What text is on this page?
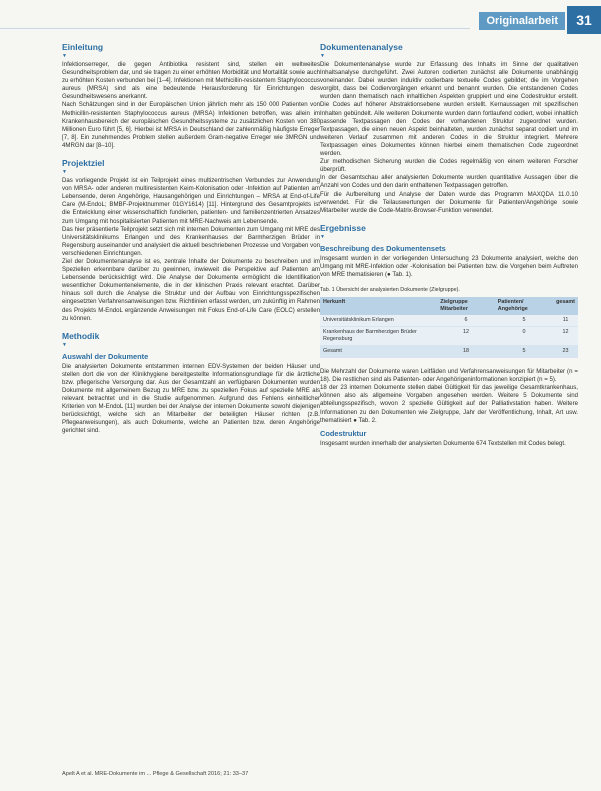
Originalarbeit	31
Einleitung
▼

Infektionserreger, die gegen Antibiotika resistent sind, stellen ein weltweites Gesundheitsproblem dar, und sie tragen zu einer erhöhten Morbidität und Mortalität sowie auch zu erhöhten Kosten verbunden bei [1–4]. Infektionen mit Methicillin-resistentem Staphylococcus aureus (MRSA) sind als eine bedeutende Herausforderung für Einrichtungen des Gesundheitswesens anerkannt.

Nach Schätzungen sind in der Europäischen Union jährlich mehr als 150 000 Patienten von Methicillin-resistenten Staphylococcus aureus (MRSA) Infektionen betroffen, was allein im Krankenhausbereich der europäischen Gesundheitssysteme zu zusätzlichen Kosten von 380 Millionen Euro führt [5, 6]. Hierbei ist MRSA in Deutschland der zahlenmäßig häufigste Erreger [7, 8]. Ein zunehmendes Problem stellen außerdem Gram-negative Erreger wie 3MRGN und 4MRGN dar [8–10].

Projektziel
▼

Das vorliegende Projekt ist ein Teilprojekt eines multizentrischen Verbundes zur Anwendung von MRSA- oder anderen multiresistenten Keim-Kolonisation oder -Infektion auf Patienten am Lebensende, deren Angehörige, Hausangehörigen und Einrichtungen – MRSA at End-of-Life Care (M-EndoL; BMBF-Projektnummer 01GY1614) [11]. Hintergrund des Gesamtprojekts ist die Entwicklung einer wissenschaftlich fundierten, patienten- und familienzentrierten Ansatzes zum Umgang mit hospitalisierten Patienten mit MRE-Nachweis am Lebensende.

Das hier präsentierte Teilprojekt setzt sich mit internen Dokumenten zum Umgang mit MRE des Universitätsklinikums Erlangen und des Krankenhauses der Barmherzigen Brüder in Regensburg auseinander und analysiert die aktuell beschriebenen Prozesse und Vorgaben von verschiedenen Einrichtungen.

Ziel der Dokumentenanalyse ist es, zentrale Inhalte der Dokumente zu beschreiben und im Speziellen erkennbare darüber zu gewinnen, inwieweit die Perspektive auf Patienten am Lebensende berücksichtigt wird. Die Analyse der Dokumente ermöglicht die Identifikation wesentlicher Dokumentenelemente, die in der klinischen Praxis relevant erachtet. Darüber hinaus soll durch die Analyse die Struktur und der Aufbau von Einrichtungsspezifischen eingesetzten Verfahrensanweisungen bzw. Richtlinien erfasst werden, um zukünftig im Rahmen des Projekts M-EndoL ergänzende Anweisungen mit Fokus End-of-Life Care (EOLC) erstellen zu können.

Methodik
▼
Auswahl der Dokumente

Die analysierten Dokumente entstammen internen EDV-Systemen der beiden Häuser und stellen dort die von der Klinikhygiene bereitgestellte Informationsgrundlage für die ärztliche bzw. pflegerische Versorgung dar. Aus der Gesamtzahl an verfügbaren Dokumenten wurden Dokumente mit allgemeinem Bezug zu MRE bzw. zu speziellen Fokus auf spezielle MRE als relevant betrachtet und in die Studie aufgenommen. Aufgrund des Fehlens einheitlicher Kriterien von M-EndoL [11] wurden bei der Analyse der internen Dokumente sowohl diejenigen berücksichtigt, welche sich an Mitarbeiter der beteiligten Häuser richten (z.B. Pflegeanweisungen), als auch Dokumente, welche an Patienten bzw. deren Angehörige gerichtet sind.

Dokumentenanalyse
▼

Die Dokumentenanalyse wurde zur Erfassung des Inhalts im Sinne der qualitativen Inhaltsanalyse durchgeführt. Zwei Autoren codierten zunächst alle Dokumente unabhängig voneinander. Dabei wurden induktiv codierbare textuelle Codes gebildet; die im Vorgehen vorgibt, dass bei Codiervorgängen erkannt und benannt wurden. Die entstandenen Codes wurden dann thematisch nach inhaltlichen Aspekten gruppiert und eine Codestruktur erstellt. Die Codes auf höherer Abstraktionsebene wurden erstellt. Kernaussagen mit spezifischen Inhalten gebündelt. Alle weiteren Dokumente wurden dann fortlaufend codiert, wobei inhaltlich passende Textpassagen den Codes der vorhandenen Struktur zugeordnet wurden. Textpassagen, die einen neuen Aspekt beinhalteten, wurden zunächst separat codiert und im weiteren Verlauf zusammen mit anderen Codes in die Struktur integriert. Mehrere Textpassagen eines Dokumentes können hierbei einem thematischen Code zugeordnet werden.

Zur methodischen Sicherung wurden die Codes regelmäßig von einem weiteren Forscher überprüft.

In der Gesamtschau aller analysierten Dokumente wurden quantitative Aussagen über die Anzahl von Codes und den darin enthaltenen Textpassagen getroffen.

Für die Aufbereitung und Analyse der Daten wurde das Programm MAXQDA 11.0.10 verwendet. Für die Teilauswertungen der Dokumente für Patienten/Angehörige sowie Mitarbeiter wurde die Code-Matrix-Browser-Funktion verwendet.

Ergebnisse
▼
Beschreibung des Dokumentensets

Insgesamt wurden in der vorliegenden Untersuchung 23 Dokumente analysiert, welche den Umgang mit MRE-Infektion oder -Kolonisation bei Patienten bzw. die Vorgehen beim Auftreten von MRE thematisieren (● Tab. 1).

Tab. 1 Übersicht der analysierten Dokumente (Zielgruppe).
Herkunft	Zielgruppe Mitarbeiter	Patienten/ Angehörige	gesamt
Universitätsklinikum Erlangen	6	5	11
Krankenhaus der Barmherzigen Brüder Regensburg	12	0	12
Gesamt	18	5	23

Die Mehrzahl der Dokumente waren Leitfäden und Verfahrensanweisungen für Mitarbeiter (n = 18). Die restlichen sind als Patienten- oder Angehörigeninformationen konzipiert (n = 5).

18 der 23 internen Dokumente stellen dabei Gültigkeit für das jeweilige Gesamtkrankenhaus, können also als allgemeine Vorgaben angesehen werden. Weitere 5 Dokumente sind abteilungsspezifisch, wovon 2 spezielle Gültigkeit auf der Palliativstation haben. Weitere Informationen zu den Dokumenten wie Zielgruppe, Jahr der Veröffentlichung, Inhalt, Art usw. thematisiert ● Tab. 2.

Codestruktur

Insgesamt wurden innerhalb der analysierten Dokumente 674 Textstellen mit Codes belegt.

Apelt A et al. MRE-Dokumente im ... Pflege & Gesellschaft 2016; 21: 33–37
